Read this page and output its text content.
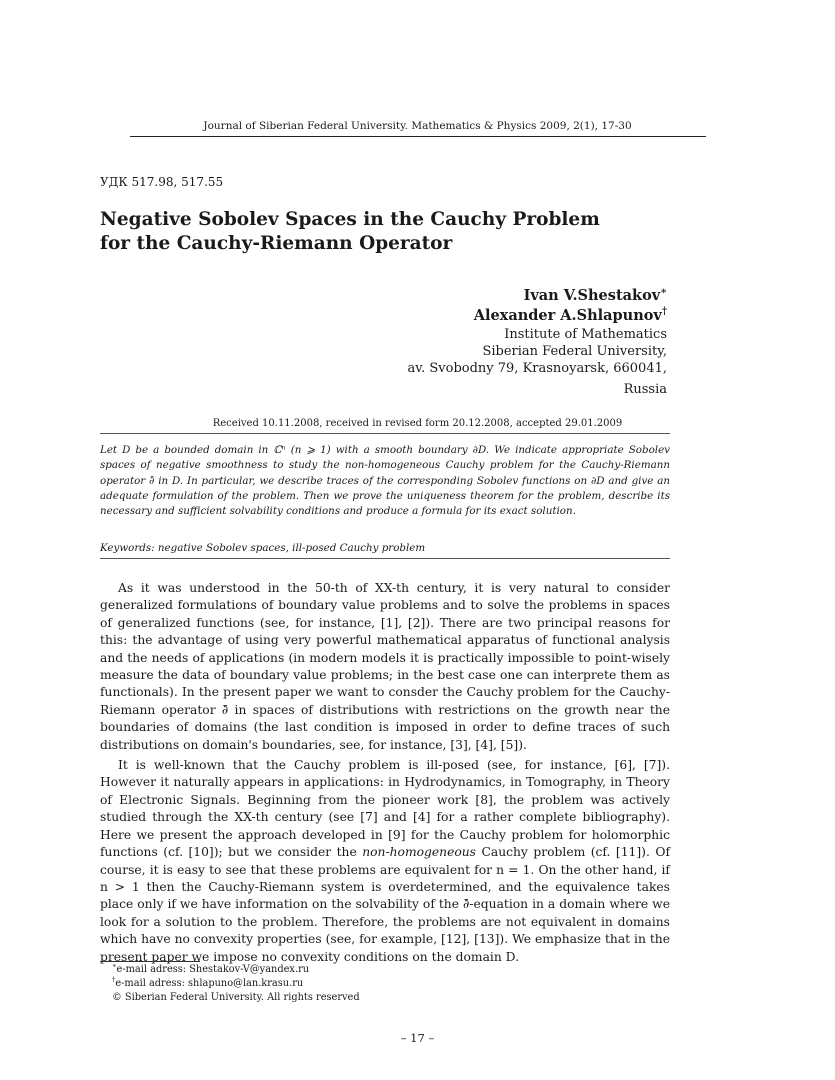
Journal of Siberian Federal University. Mathematics & Physics 2009, 2(1), 17-30
УДК 517.98, 517.55
Negative Sobolev Spaces in the Cauchy Problem
for the Cauchy-Riemann Operator
Ivan V.Shestakov∗
Alexander A.Shlapunov†
Institute of Mathematics
Siberian Federal University,
av. Svobodny 79, Krasnoyarsk, 660041,
Russia
Received 10.11.2008, received in revised form 20.12.2008, accepted 29.01.2009
Let D be a bounded domain in ℂⁿ (n ⩾ 1) with a smooth boundary ∂D. We indicate appropriate Sobolev spaces of negative smoothness to study the non-homogeneous Cauchy problem for the Cauchy-Riemann operator ∂̄ in D. In particular, we describe traces of the corresponding Sobolev functions on ∂D and give an adequate formulation of the problem. Then we prove the uniqueness theorem for the problem, describe its necessary and sufficient solvability conditions and produce a formula for its exact solution.
Keywords: negative Sobolev spaces, ill-posed Cauchy problem

As it was understood in the 50-th of XX-th century, it is very natural to consider generalized formulations of boundary value problems and to solve the problems in spaces of generalized functions (see, for instance, [1], [2]). There are two principal reasons for this: the advantage of using very powerful mathematical apparatus of functional analysis and the needs of applications (in modern models it is practically impossible to point-wisely measure the data of boundary value problems; in the best case one can interprete them as functionals). In the present paper we want to consder the Cauchy problem for the Cauchy-Riemann operator ∂̄ in spaces of distributions with restrictions on the growth near the boundaries of domains (the last condition is imposed in order to define traces of such distributions on domain's boundaries, see, for instance, [3], [4], [5]).

It is well-known that the Cauchy problem is ill-posed (see, for instance, [6], [7]). However it naturally appears in applications: in Hydrodynamics, in Tomography, in Theory of Electronic Signals. Beginning from the pioneer work [8], the problem was actively studied through the XX-th century (see [7] and [4] for a rather complete bibliography). Here we present the approach developed in [9] for the Cauchy problem for holomorphic functions (cf. [10]); but we consider the non-homogeneous Cauchy problem (cf. [11]). Of course, it is easy to see that these problems are equivalent for n = 1. On the other hand, if n > 1 then the Cauchy-Riemann system is overdetermined, and the equivalence takes place only if we have information on the solvability of the ∂̄-equation in a domain where we look for a solution to the problem. Therefore, the problems are not equivalent in domains which have no convexity properties (see, for example, [12], [13]). We emphasize that in the present paper we impose no convexity conditions on the domain D.

∗e-mail adress: Shestakov-V@yandex.ru
†e-mail adress: shlapuno@lan.krasu.ru
© Siberian Federal University. All rights reserved
– 17 –
